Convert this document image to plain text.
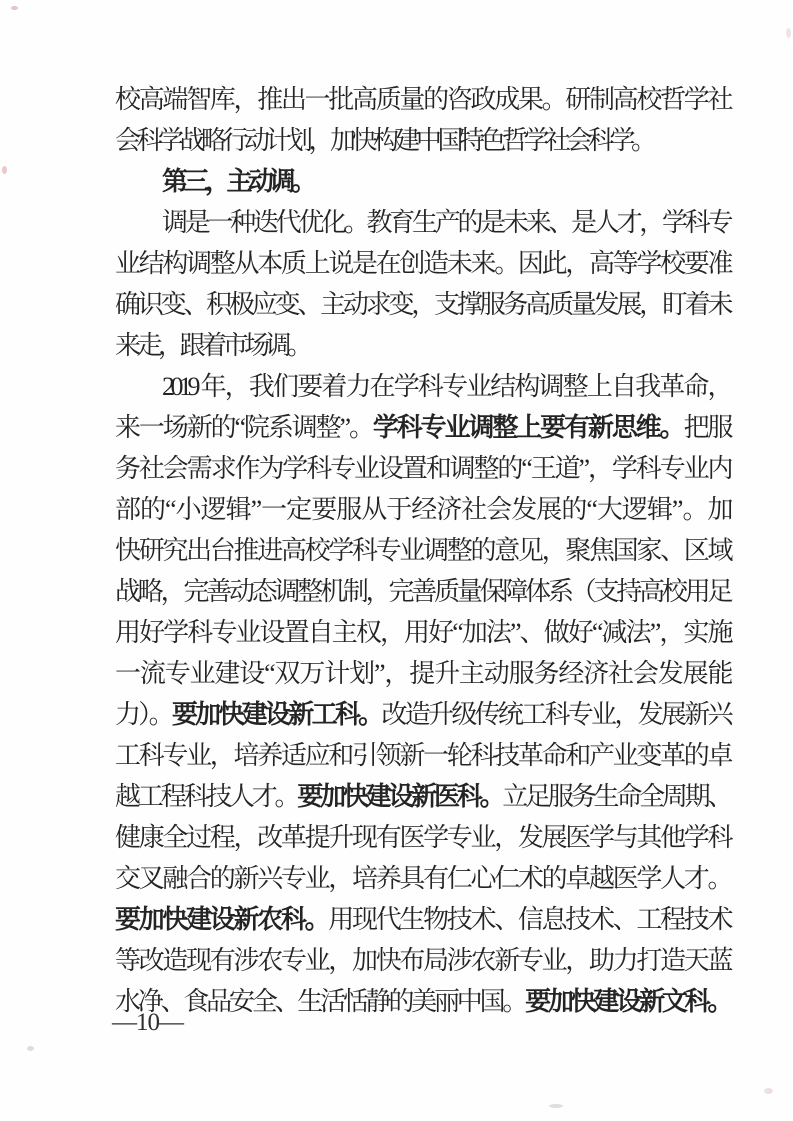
校高端智库，推出一批高质量的咨政成果。研制高校哲学社
会科学战略行动计划，加快构建中国特色哲学社会科学。
第三，主动调。
调是一种迭代优化。教育生产的是未来、是人才，学科专
业结构调整从本质上说是在创造未来。因此，高等学校要准
确识变、积极应变、主动求变，支撑服务高质量发展，盯着未
来走，跟着市场调。
2019 年，我们要着力在学科专业结构调整上自我革命，
来一场新的“院系调整”。学科专业调整上要有新思维。把服
务社会需求作为学科专业设置和调整的“王道”，学科专业内
部的“小逻辑”一定要服从于经济社会发展的“大逻辑”。加
快研究出台推进高校学科专业调整的意见，聚焦国家、区域
战略，完善动态调整机制，完善质量保障体系（支持高校用足
用好学科专业设置自主权，用好“加法”、做好“减法”，实施
一流专业建设“双万计划”，提升主动服务经济社会发展能
力）。要加快建设新工科。改造升级传统工科专业，发展新兴
工科专业，培养适应和引领新一轮科技革命和产业变革的卓
越工程科技人才。要加快建设新医科。立足服务生命全周期、
健康全过程，改革提升现有医学专业，发展医学与其他学科
交叉融合的新兴专业，培养具有仁心仁术的卓越医学人才。
要加快建设新农科。用现代生物技术、信息技术、工程技术
等改造现有涉农专业，加快布局涉农新专业，助力打造天蓝
水净、食品安全、生活恬静的美丽中国。要加快建设新文科。
—10—
